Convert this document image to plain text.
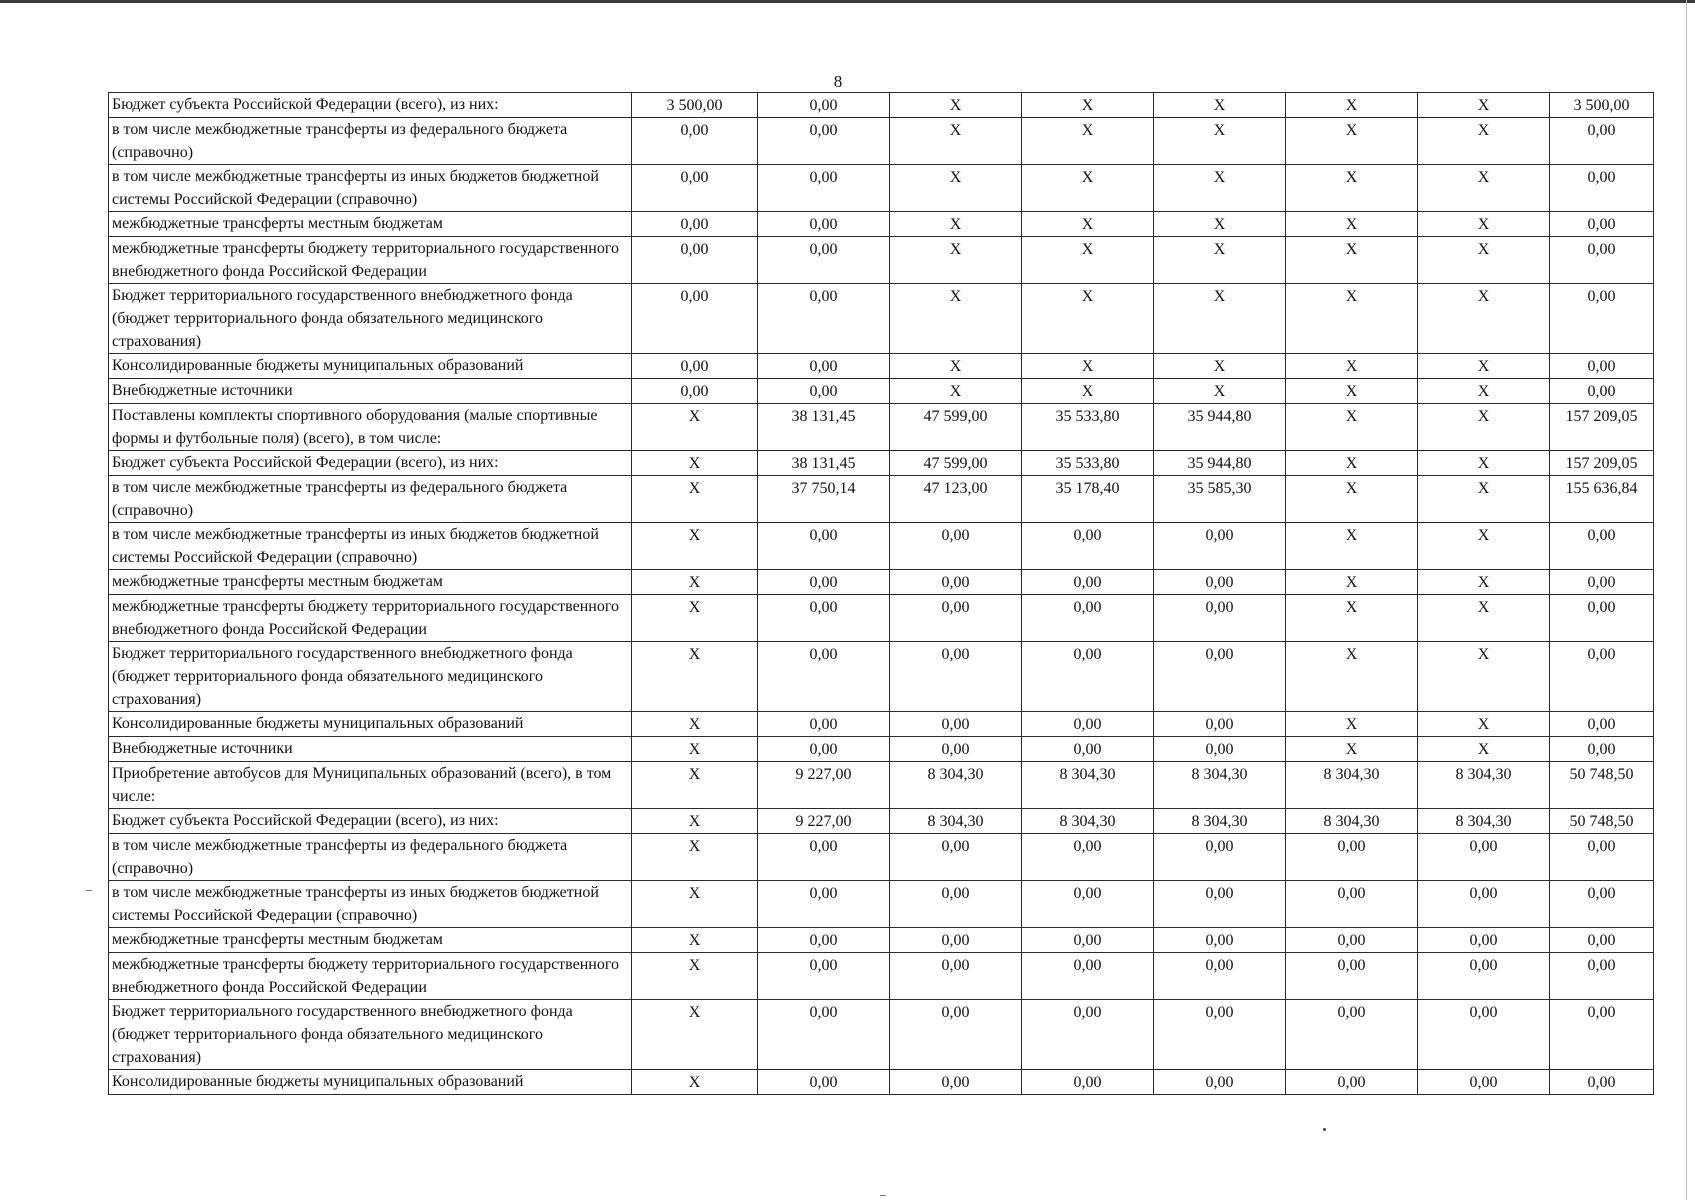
8
Бюджет субъекта Российской Федерации (всего), из них:	3 500,00	0,00	X	X	X	X	X	3 500,00
в том числе межбюджетные трансферты из федерального бюджета (справочно)	0,00	0,00	X	X	X	X	X	0,00
в том числе межбюджетные трансферты из иных бюджетов бюджетной системы Российской Федерации (справочно)	0,00	0,00	X	X	X	X	X	0,00
межбюджетные трансферты местным бюджетам	0,00	0,00	X	X	X	X	X	0,00
межбюджетные трансферты бюджету территориального государственного внебюджетного фонда Российской Федерации	0,00	0,00	X	X	X	X	X	0,00
Бюджет территориального государственного внебюджетного фонда (бюджет территориального фонда обязательного медицинского страхования)	0,00	0,00	X	X	X	X	X	0,00
Консолидированные бюджеты муниципальных образований	0,00	0,00	X	X	X	X	X	0,00
Внебюджетные источники	0,00	0,00	X	X	X	X	X	0,00
Поставлены комплекты спортивного оборудования (малые спортивные формы и футбольные поля) (всего), в том числе:	X	38 131,45	47 599,00	35 533,80	35 944,80	X	X	157 209,05
Бюджет субъекта Российской Федерации (всего), из них:	X	38 131,45	47 599,00	35 533,80	35 944,80	X	X	157 209,05
в том числе межбюджетные трансферты из федерального бюджета (справочно)	X	37 750,14	47 123,00	35 178,40	35 585,30	X	X	155 636,84
в том числе межбюджетные трансферты из иных бюджетов бюджетной системы Российской Федерации (справочно)	X	0,00	0,00	0,00	0,00	X	X	0,00
межбюджетные трансферты местным бюджетам	X	0,00	0,00	0,00	0,00	X	X	0,00
межбюджетные трансферты бюджету территориального государственного внебюджетного фонда Российской Федерации	X	0,00	0,00	0,00	0,00	X	X	0,00
Бюджет территориального государственного внебюджетного фонда (бюджет территориального фонда обязательного медицинского страхования)	X	0,00	0,00	0,00	0,00	X	X	0,00
Консолидированные бюджеты муниципальных образований	X	0,00	0,00	0,00	0,00	X	X	0,00
Внебюджетные источники	X	0,00	0,00	0,00	0,00	X	X	0,00
Приобретение автобусов для Муниципальных образований (всего), в том числе:	X	9 227,00	8 304,30	8 304,30	8 304,30	8 304,30	8 304,30	50 748,50
Бюджет субъекта Российской Федерации (всего), из них:	X	9 227,00	8 304,30	8 304,30	8 304,30	8 304,30	8 304,30	50 748,50
в том числе межбюджетные трансферты из федерального бюджета (справочно)	X	0,00	0,00	0,00	0,00	0,00	0,00	0,00
в том числе межбюджетные трансферты из иных бюджетов бюджетной системы Российской Федерации (справочно)	X	0,00	0,00	0,00	0,00	0,00	0,00	0,00
межбюджетные трансферты местным бюджетам	X	0,00	0,00	0,00	0,00	0,00	0,00	0,00
межбюджетные трансферты бюджету территориального государственного внебюджетного фонда Российской Федерации	X	0,00	0,00	0,00	0,00	0,00	0,00	0,00
Бюджет территориального государственного внебюджетного фонда (бюджет территориального фонда обязательного медицинского страхования)	X	0,00	0,00	0,00	0,00	0,00	0,00	0,00
Консолидированные бюджеты муниципальных образований	X	0,00	0,00	0,00	0,00	0,00	0,00	0,00
